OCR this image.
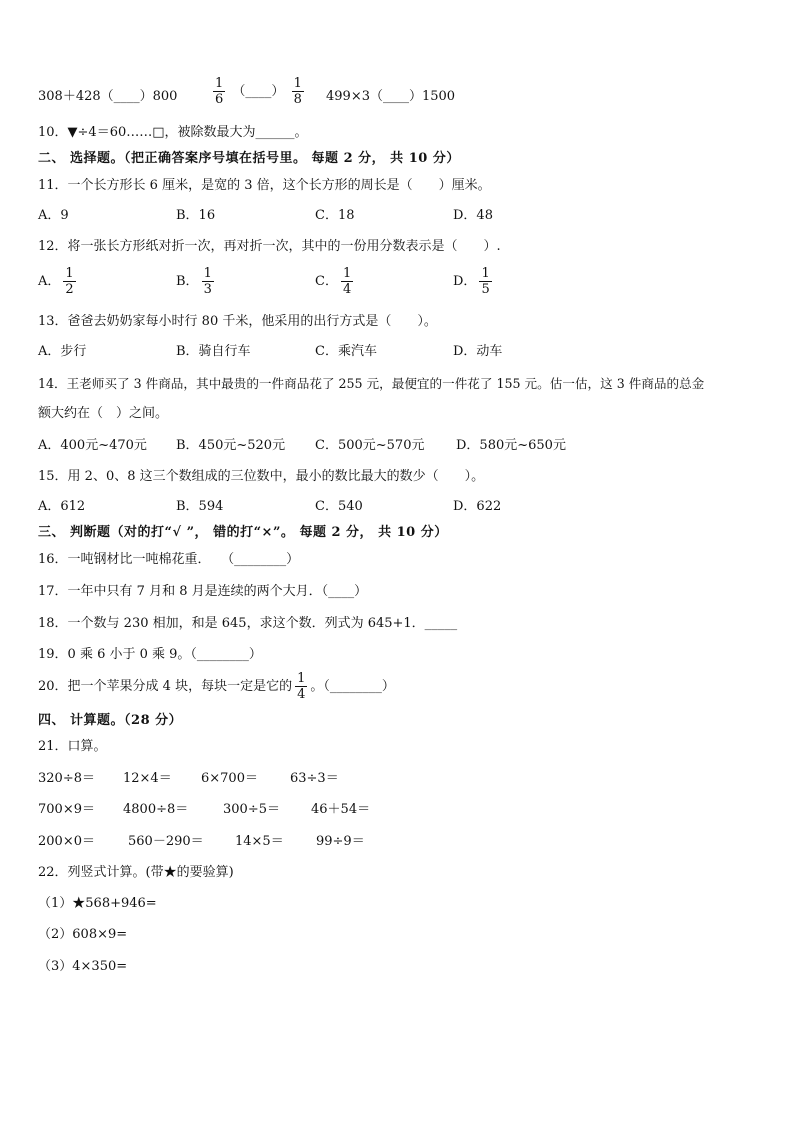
308＋428（____）800	$\frac{1}{6}$ （____） $\frac{1}{8}$ 499×3（____）1500
10．▼÷4＝60……□，被除数最大为______。
二、 选择题。（把正确答案序号填在括号里。 每题 2 分， 共 10 分）
11．一个长方形长 6 厘米，是宽的 3 倍，这个长方形的周长是（　　）厘米。
A．9	B．16	C．18	D．48
12．将一张长方形纸对折一次，再对折一次，其中的一份用分数表示是（　　）.
A． $\frac{1}{2}$	B． $\frac{1}{3}$	C． $\frac{1}{4}$	D． $\frac{1}{5}$
13．爸爸去奶奶家每小时行 80 千米，他采用的出行方式是（　　）。
A．步行	B．骑自行车	C．乘汽车	D．动车
14．王老师买了 3 件商品，其中最贵的一件商品花了 255 元，最便宜的一件花了 155 元。估一估，这 3 件商品的总金
额大约在（　）之间。
A．400元~470元 B．450元~520元 C．500元~570元 D．580元~650元
15．用 2、0、8 这三个数组成的三位数中，最小的数比最大的数少（　　）。
A．612	B．594	C．540	D．622
三、 判断题（对的打“√ ”， 错的打“×”。 每题 2 分， 共 10 分）
16．一吨钢材比一吨棉花重．　 （________）
17．一年中只有 7 月和 8 月是连续的两个大月．（____）
18．一个数与 230 相加，和是 645，求这个数．列式为 645+1．_____
19．0 乘 6 小于 0 乘 9。（________）
20．把一个苹果分成 4 块，每块一定是它的 $\frac{1}{4}$ 。（________）
四、 计算题。（28 分）
21．口算。
320÷8＝ 12×4＝ 6×700＝ 63÷3＝
700×9＝ 4800÷8＝	300÷5＝ 46＋54＝
200×0＝	560－290＝ 14×5＝ 99÷9＝
22．列竖式计算。(带★的要验算)
（1）★568+946=
（2）608×9=
（3）4×350=
